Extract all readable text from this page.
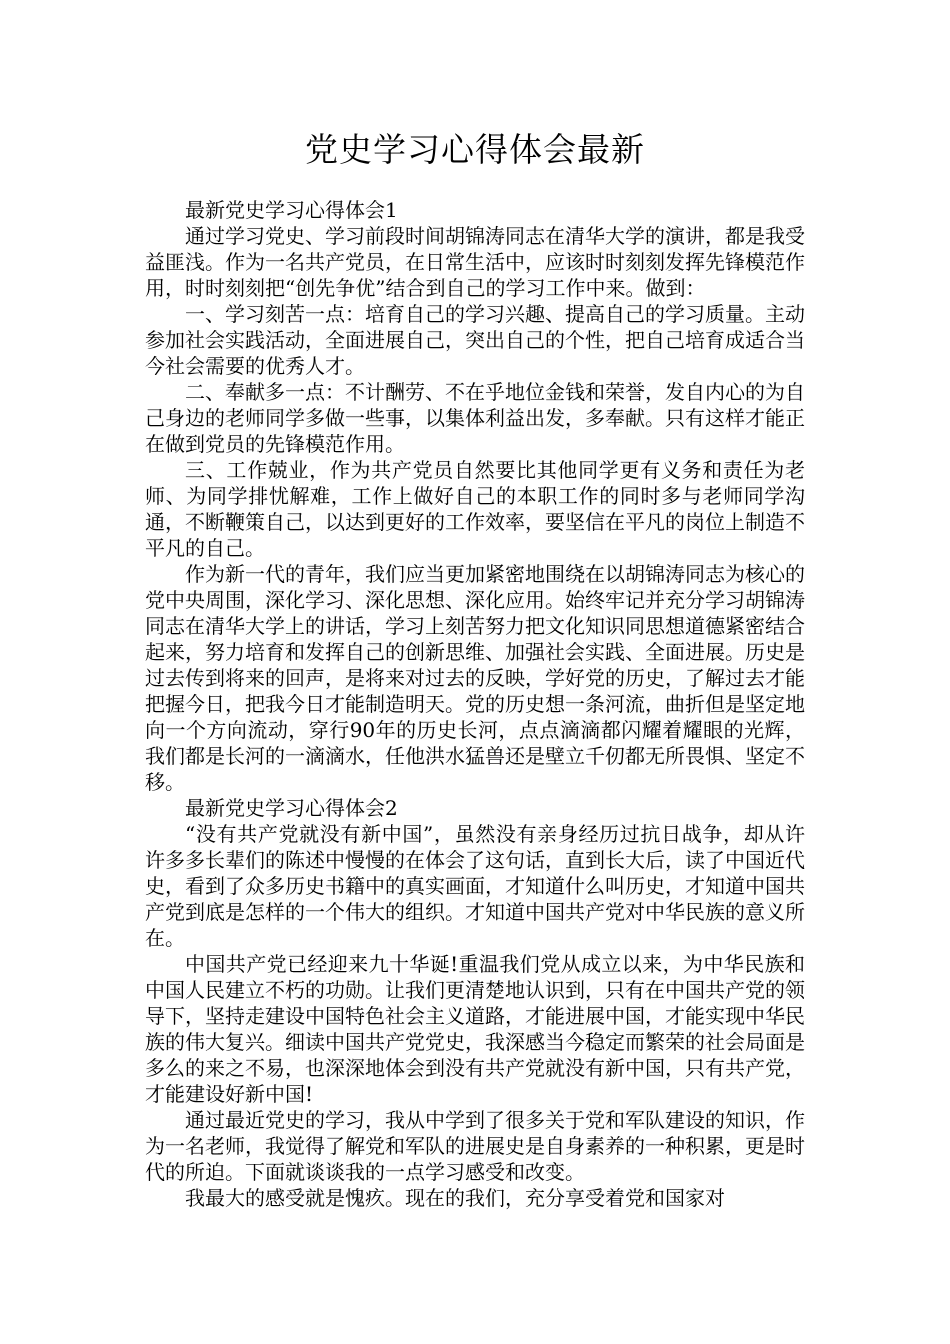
党史学习心得体会最新

最新党史学习心得体会1

通过学习党史、学习前段时间胡锦涛同志在清华大学的演讲，都是我受益匪浅。作为一名共产党员，在日常生活中，应该时时刻刻发挥先锋模范作用，时时刻刻把“创先争优”结合到自己的学习工作中来。做到：

一、学习刻苦一点：培育自己的学习兴趣、提高自己的学习质量。主动参加社会实践活动，全面进展自己，突出自己的个性，把自己培育成适合当今社会需要的优秀人才。

二、奉献多一点：不计酬劳、不在乎地位金钱和荣誉，发自内心的为自己身边的老师同学多做一些事，以集体利益出发，多奉献。只有这样才能正在做到党员的先锋模范作用。

三、工作兢业，作为共产党员自然要比其他同学更有义务和责任为老师、为同学排忧解难，工作上做好自己的本职工作的同时多与老师同学沟通，不断鞭策自己，以达到更好的工作效率，要坚信在平凡的岗位上制造不平凡的自己。

作为新一代的青年，我们应当更加紧密地围绕在以胡锦涛同志为核心的党中央周围，深化学习、深化思想、深化应用。始终牢记并充分学习胡锦涛同志在清华大学上的讲话，学习上刻苦努力把文化知识同思想道德紧密结合起来，努力培育和发挥自己的创新思维、加强社会实践、全面进展。历史是过去传到将来的回声，是将来对过去的反映，学好党的历史，了解过去才能把握今日，把我今日才能制造明天。党的历史想一条河流，曲折但是坚定地向一个方向流动，穿行90年的历史长河，点点滴滴都闪耀着耀眼的光辉，我们都是长河的一滴滴水，任他洪水猛兽还是壁立千仞都无所畏惧、坚定不移。

最新党史学习心得体会2

“没有共产党就没有新中国”，虽然没有亲身经历过抗日战争，却从许许多多长辈们的陈述中慢慢的在体会了这句话，直到长大后，读了中国近代史，看到了众多历史书籍中的真实画面，才知道什么叫历史，才知道中国共产党到底是怎样的一个伟大的组织。才知道中国共产党对中华民族的意义所在。

中国共产党已经迎来九十华诞!重温我们党从成立以来，为中华民族和中国人民建立不朽的功勋。让我们更清楚地认识到，只有在中国共产党的领导下，坚持走建设中国特色社会主义道路，才能进展中国，才能实现中华民族的伟大复兴。细读中国共产党党史，我深感当今稳定而繁荣的社会局面是多么的来之不易，也深深地体会到没有共产党就没有新中国，只有共产党，才能建设好新中国!

通过最近党史的学习，我从中学到了很多关于党和军队建设的知识，作为一名老师，我觉得了解党和军队的进展史是自身素养的一种积累，更是时代的所迫。下面就谈谈我的一点学习感受和改变。

我最大的感受就是愧疚。现在的我们，充分享受着党和国家对
